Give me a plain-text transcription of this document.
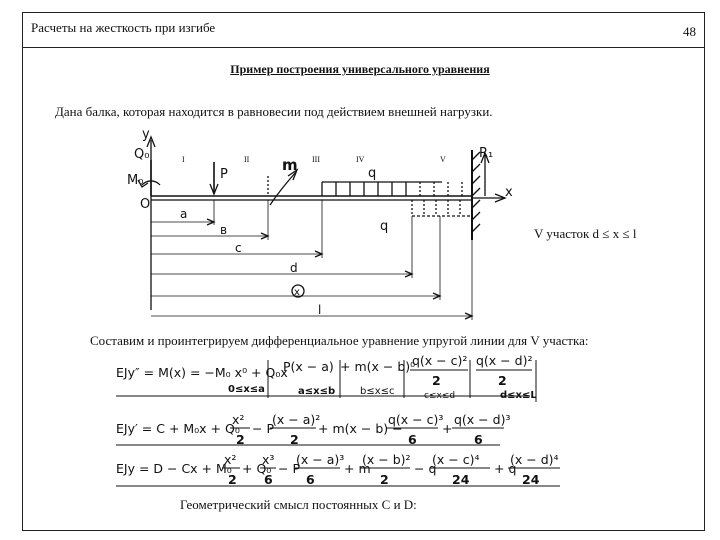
Расчеты на жесткость при изгибе	48
Пример построения универсального уравнения
Дана балка, которая находится в равновесии под действием внешней нагрузки.
y
x
Q₀
M₀
O
R₁
P
m	q
q
a
в
c
d
x
l
I	II	III	IV	V
V участок d ≤ x ≤ l
Составим и проинтегрируем дифференциальное уравнение упругой линии для V участка:
EJy″ = M(x) = −M₀ x⁰ + Q₀x
P(x − a) + m(x − b)⁰
q(x − c)² q(x − d)²
2	2
0≤x≤a	a≤x≤b b≤x≤c	c≤x≤d	d≤x≤L
EJy′ = C + M₀x + Q₀
x²
2
− P
(x − a)²
2
+ m(x − b) −
q(x − c)³
6
+
q(x − d)³
6
EJy = D − Cx + M₀
x²
2
+ Q₀
x³
6
− P
(x − a)³
6
+ m
(x − b)²
2
− q
(x − c)⁴
24
+ q
(x − d)⁴
24
Геометрический смысл постоянных C и D:
